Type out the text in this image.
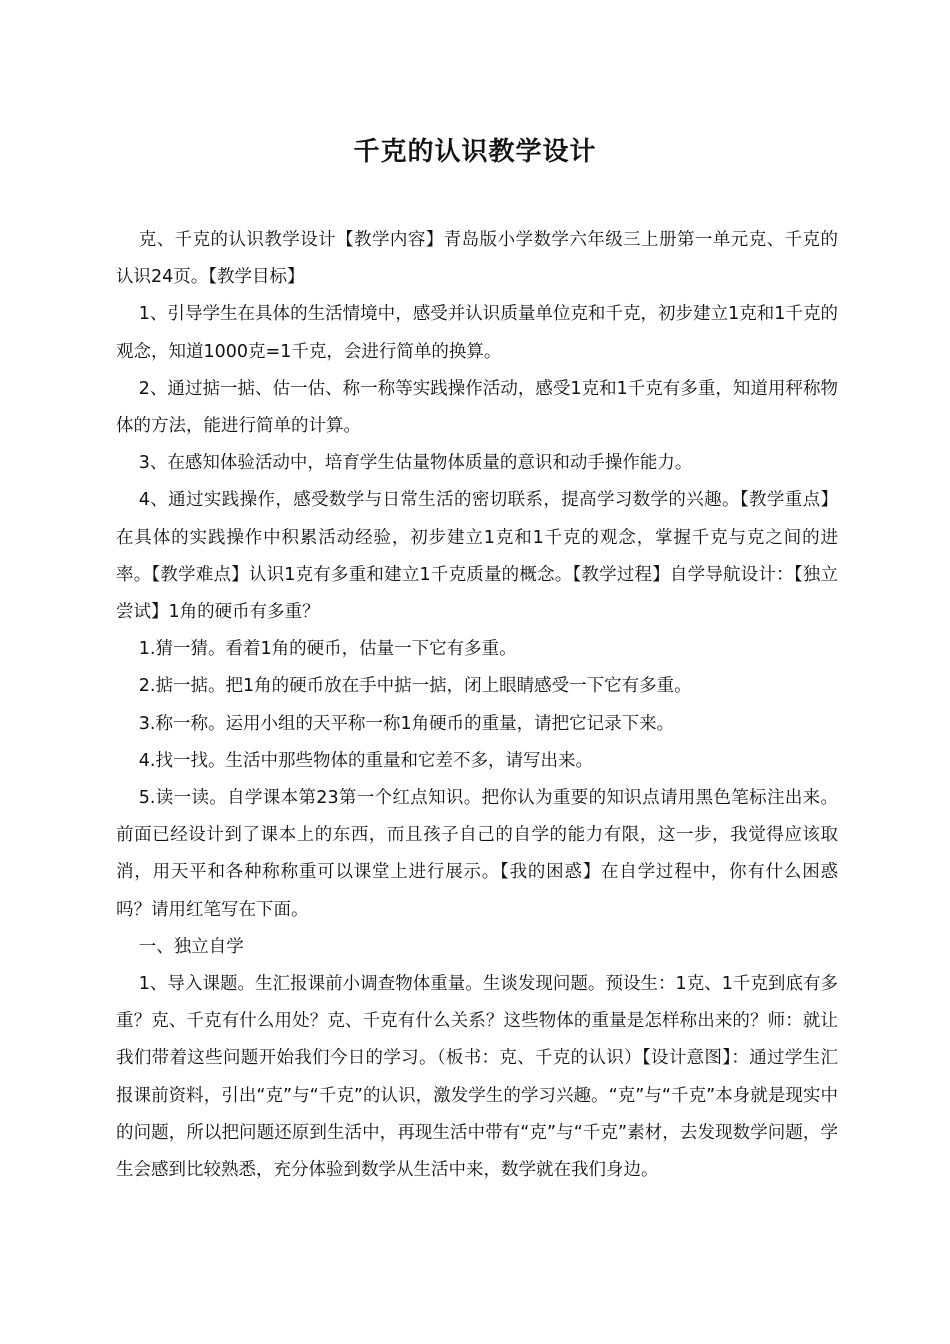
千克的认识教学设计

克、千克的认识教学设计【教学内容】青岛版小学数学六年级三上册第一单元克、千克的认识24页。【教学目标】

1、引导学生在具体的生活情境中，感受并认识质量单位克和千克，初步建立1克和1千克的观念，知道1000克=1千克，会进行简单的换算。

2、通过掂一掂、估一估、称一称等实践操作活动，感受1克和1千克有多重，知道用秤称物体的方法，能进行简单的计算。

3、在感知体验活动中，培育学生估量物体质量的意识和动手操作能力。

4、通过实践操作，感受数学与日常生活的密切联系，提高学习数学的兴趣。【教学重点】在具体的实践操作中积累活动经验，初步建立1克和1千克的观念，掌握千克与克之间的进率。【教学难点】认识1克有多重和建立1千克质量的概念。【教学过程】自学导航设计：【独立尝试】1角的硬币有多重？

1.猜一猜。看着1角的硬币，估量一下它有多重。

2.掂一掂。把1角的硬币放在手中掂一掂，闭上眼睛感受一下它有多重。

3.称一称。运用小组的天平称一称1角硬币的重量，请把它记录下来。

4.找一找。生活中那些物体的重量和它差不多，请写出来。

5.读一读。自学课本第23第一个红点知识。把你认为重要的知识点请用黑色笔标注出来。前面已经设计到了课本上的东西，而且孩子自己的自学的能力有限，这一步，我觉得应该取消，用天平和各种称称重可以课堂上进行展示。【我的困惑】在自学过程中，你有什么困惑吗？请用红笔写在下面。

一、独立自学

1、导入课题。生汇报课前小调查物体重量。生谈发现问题。预设生：1克、1千克到底有多重？克、千克有什么用处？克、千克有什么关系？这些物体的重量是怎样称出来的？师：就让我们带着这些问题开始我们今日的学习。（板书：克、千克的认识）【设计意图】：通过学生汇报课前资料，引出“克”与“千克”的认识，激发学生的学习兴趣。“克”与“千克”本身就是现实中的问题，所以把问题还原到生活中，再现生活中带有“克”与“千克”素材，去发现数学问题，学生会感到比较熟悉，充分体验到数学从生活中来，数学就在我们身边。
